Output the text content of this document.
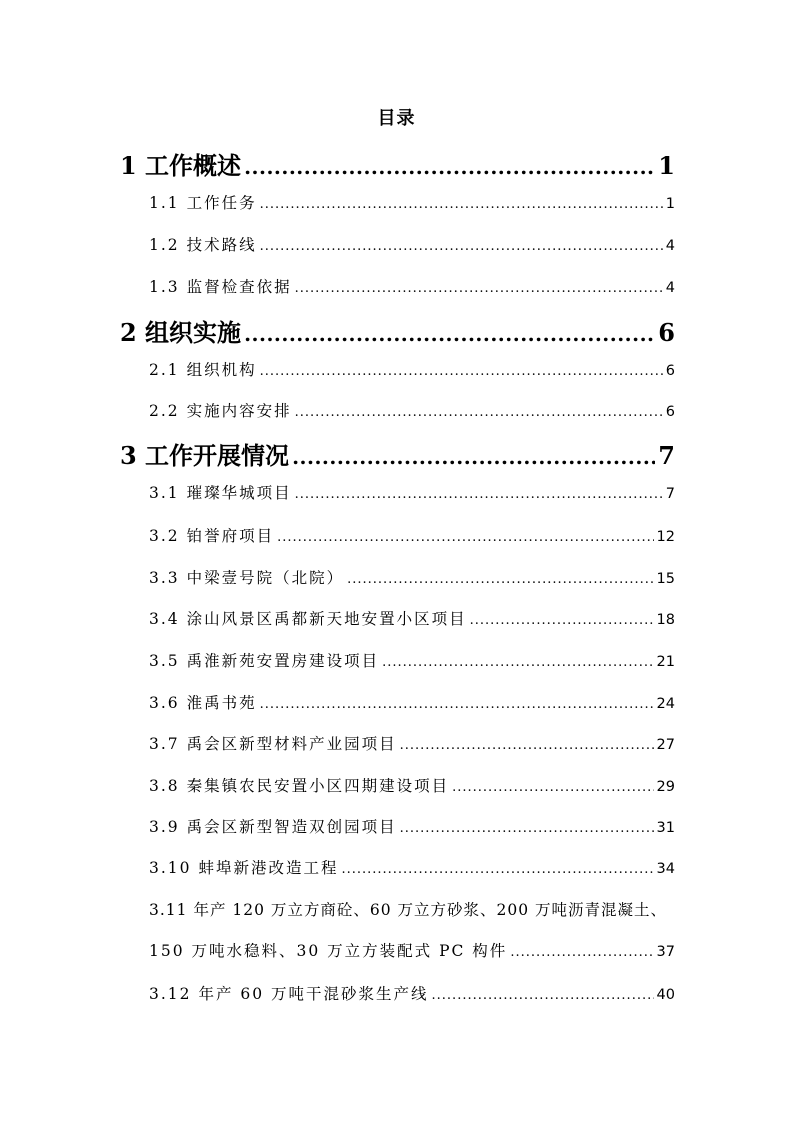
目录
1 工作概述 .....	1
1.1 工作任务 .....	1
1.2 技术路线 .....	4
1.3 监督检查依据 .....	4
2 组织实施 .....	6
2.1 组织机构 .....	6
2.2 实施内容安排 .....	6
3 工作开展情况 .....	7
3.1 璀璨华城项目 .....	7
3.2 铂誉府项目 .....	12
3.3 中梁壹号院（北院） .....	15
3.4 涂山风景区禹都新天地安置小区项目 .....	18
3.5 禹淮新苑安置房建设项目 .....	21
3.6 淮禹书苑 .....	24
3.7 禹会区新型材料产业园项目 .....	27
3.8 秦集镇农民安置小区四期建设项目 .....	29
3.9 禹会区新型智造双创园项目 .....	31
3.10 蚌埠新港改造工程 .....	34
3.11 年产 120 万立方商砼、60 万立方砂浆、200 万吨沥青混凝土、
150 万吨水稳料、30 万立方装配式 PC 构件 .....	37
3.12 年产 60 万吨干混砂浆生产线 .....	40
